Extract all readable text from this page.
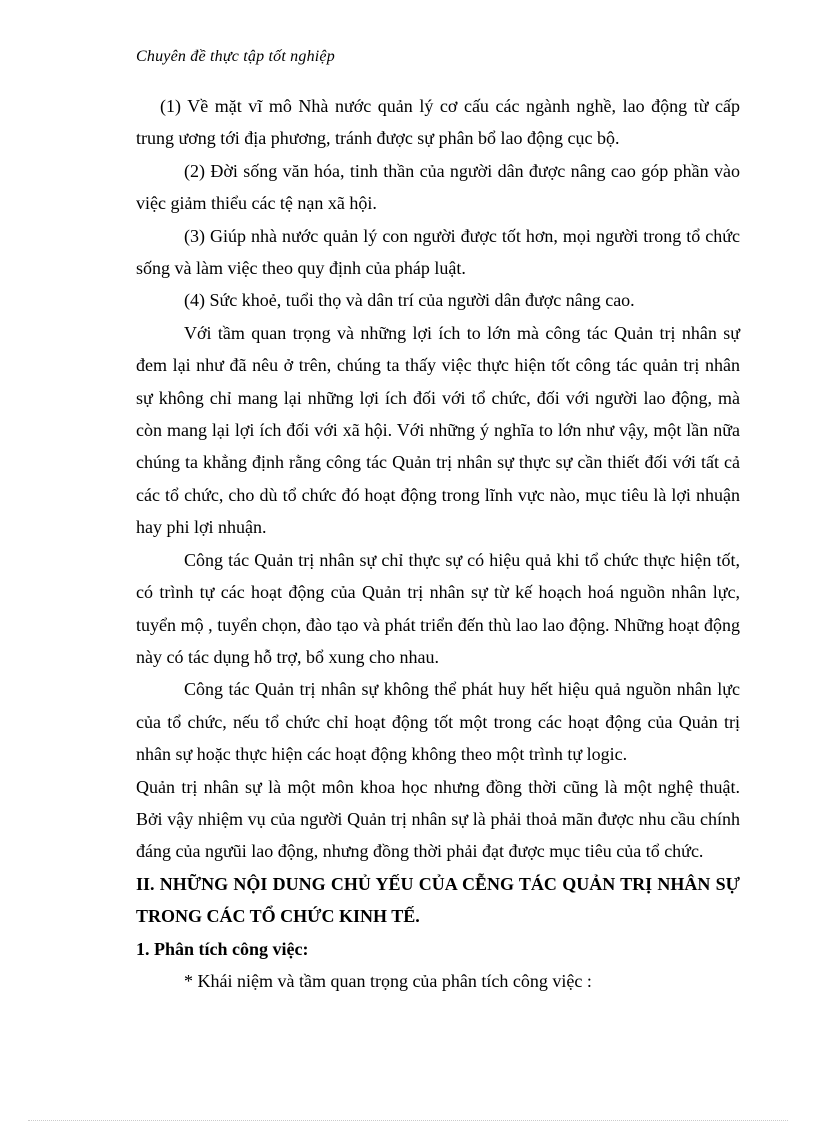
Chuyên đề thực tập tốt nghiệp

(1) Về mặt vĩ mô Nhà nước quản lý cơ cấu các ngành nghề, lao động từ cấp trung ương tới địa phương, tránh được sự phân bổ lao động cục bộ.

(2) Đời sống văn hóa, tinh thần của người dân được nâng cao góp phần vào việc giảm thiểu các tệ nạn xã hội.

(3) Giúp nhà nước quản lý con người được tốt hơn, mọi người trong tổ chức sống và làm việc theo quy định của pháp luật.

(4) Sức khoẻ, tuổi thọ và dân trí của người dân được nâng cao.

Với tầm quan trọng và những lợi ích to lớn mà công tác Quản trị nhân sự đem lại như đã nêu ở trên, chúng ta thấy việc thực hiện tốt công tác quản trị nhân sự không chỉ mang lại những lợi ích đối với tổ chức, đối với người lao động, mà còn mang lại lợi ích đối với xã hội. Với những ý nghĩa to lớn như vậy, một lần nữa chúng ta khẳng định rằng công tác Quản trị nhân sự thực sự cần thiết đối với tất cả các tổ chức, cho dù tổ chức đó hoạt động trong lĩnh vực nào, mục tiêu là lợi nhuận hay phi lợi nhuận.

Công tác Quản trị nhân sự chỉ thực sự có hiệu quả khi tổ chức thực hiện tốt, có trình tự các hoạt động của Quản trị nhân sự từ kế hoạch hoá nguồn nhân lực, tuyển mộ , tuyển chọn, đào tạo và phát triển đến thù lao lao động. Những hoạt động này có tác dụng hỗ trợ, bổ xung cho nhau.

Công tác Quản trị nhân sự không thể phát huy hết hiệu quả nguồn nhân lực của tổ chức, nếu tổ chức chỉ hoạt động tốt một trong các hoạt động của Quản trị nhân sự hoặc thực hiện các hoạt động không theo một trình tự logic.

Quản trị nhân sự là một môn khoa học nhưng đồng thời cũng là một nghệ thuật. Bởi vậy nhiệm vụ của người Quản trị nhân sự là phải thoả mãn được nhu cầu chính đáng của ngưũi lao động, nhưng đồng thời phải đạt được mục tiêu của tổ chức.

II. NHỮNG NỘI DUNG CHỦ YẾU CỦA CỄNG TÁC QUẢN TRỊ NHÂN SỰ TRONG CÁC TỔ CHỨC KINH TẾ.

1. Phân tích công việc:

* Khái niệm và tầm quan trọng của phân tích công việc :
